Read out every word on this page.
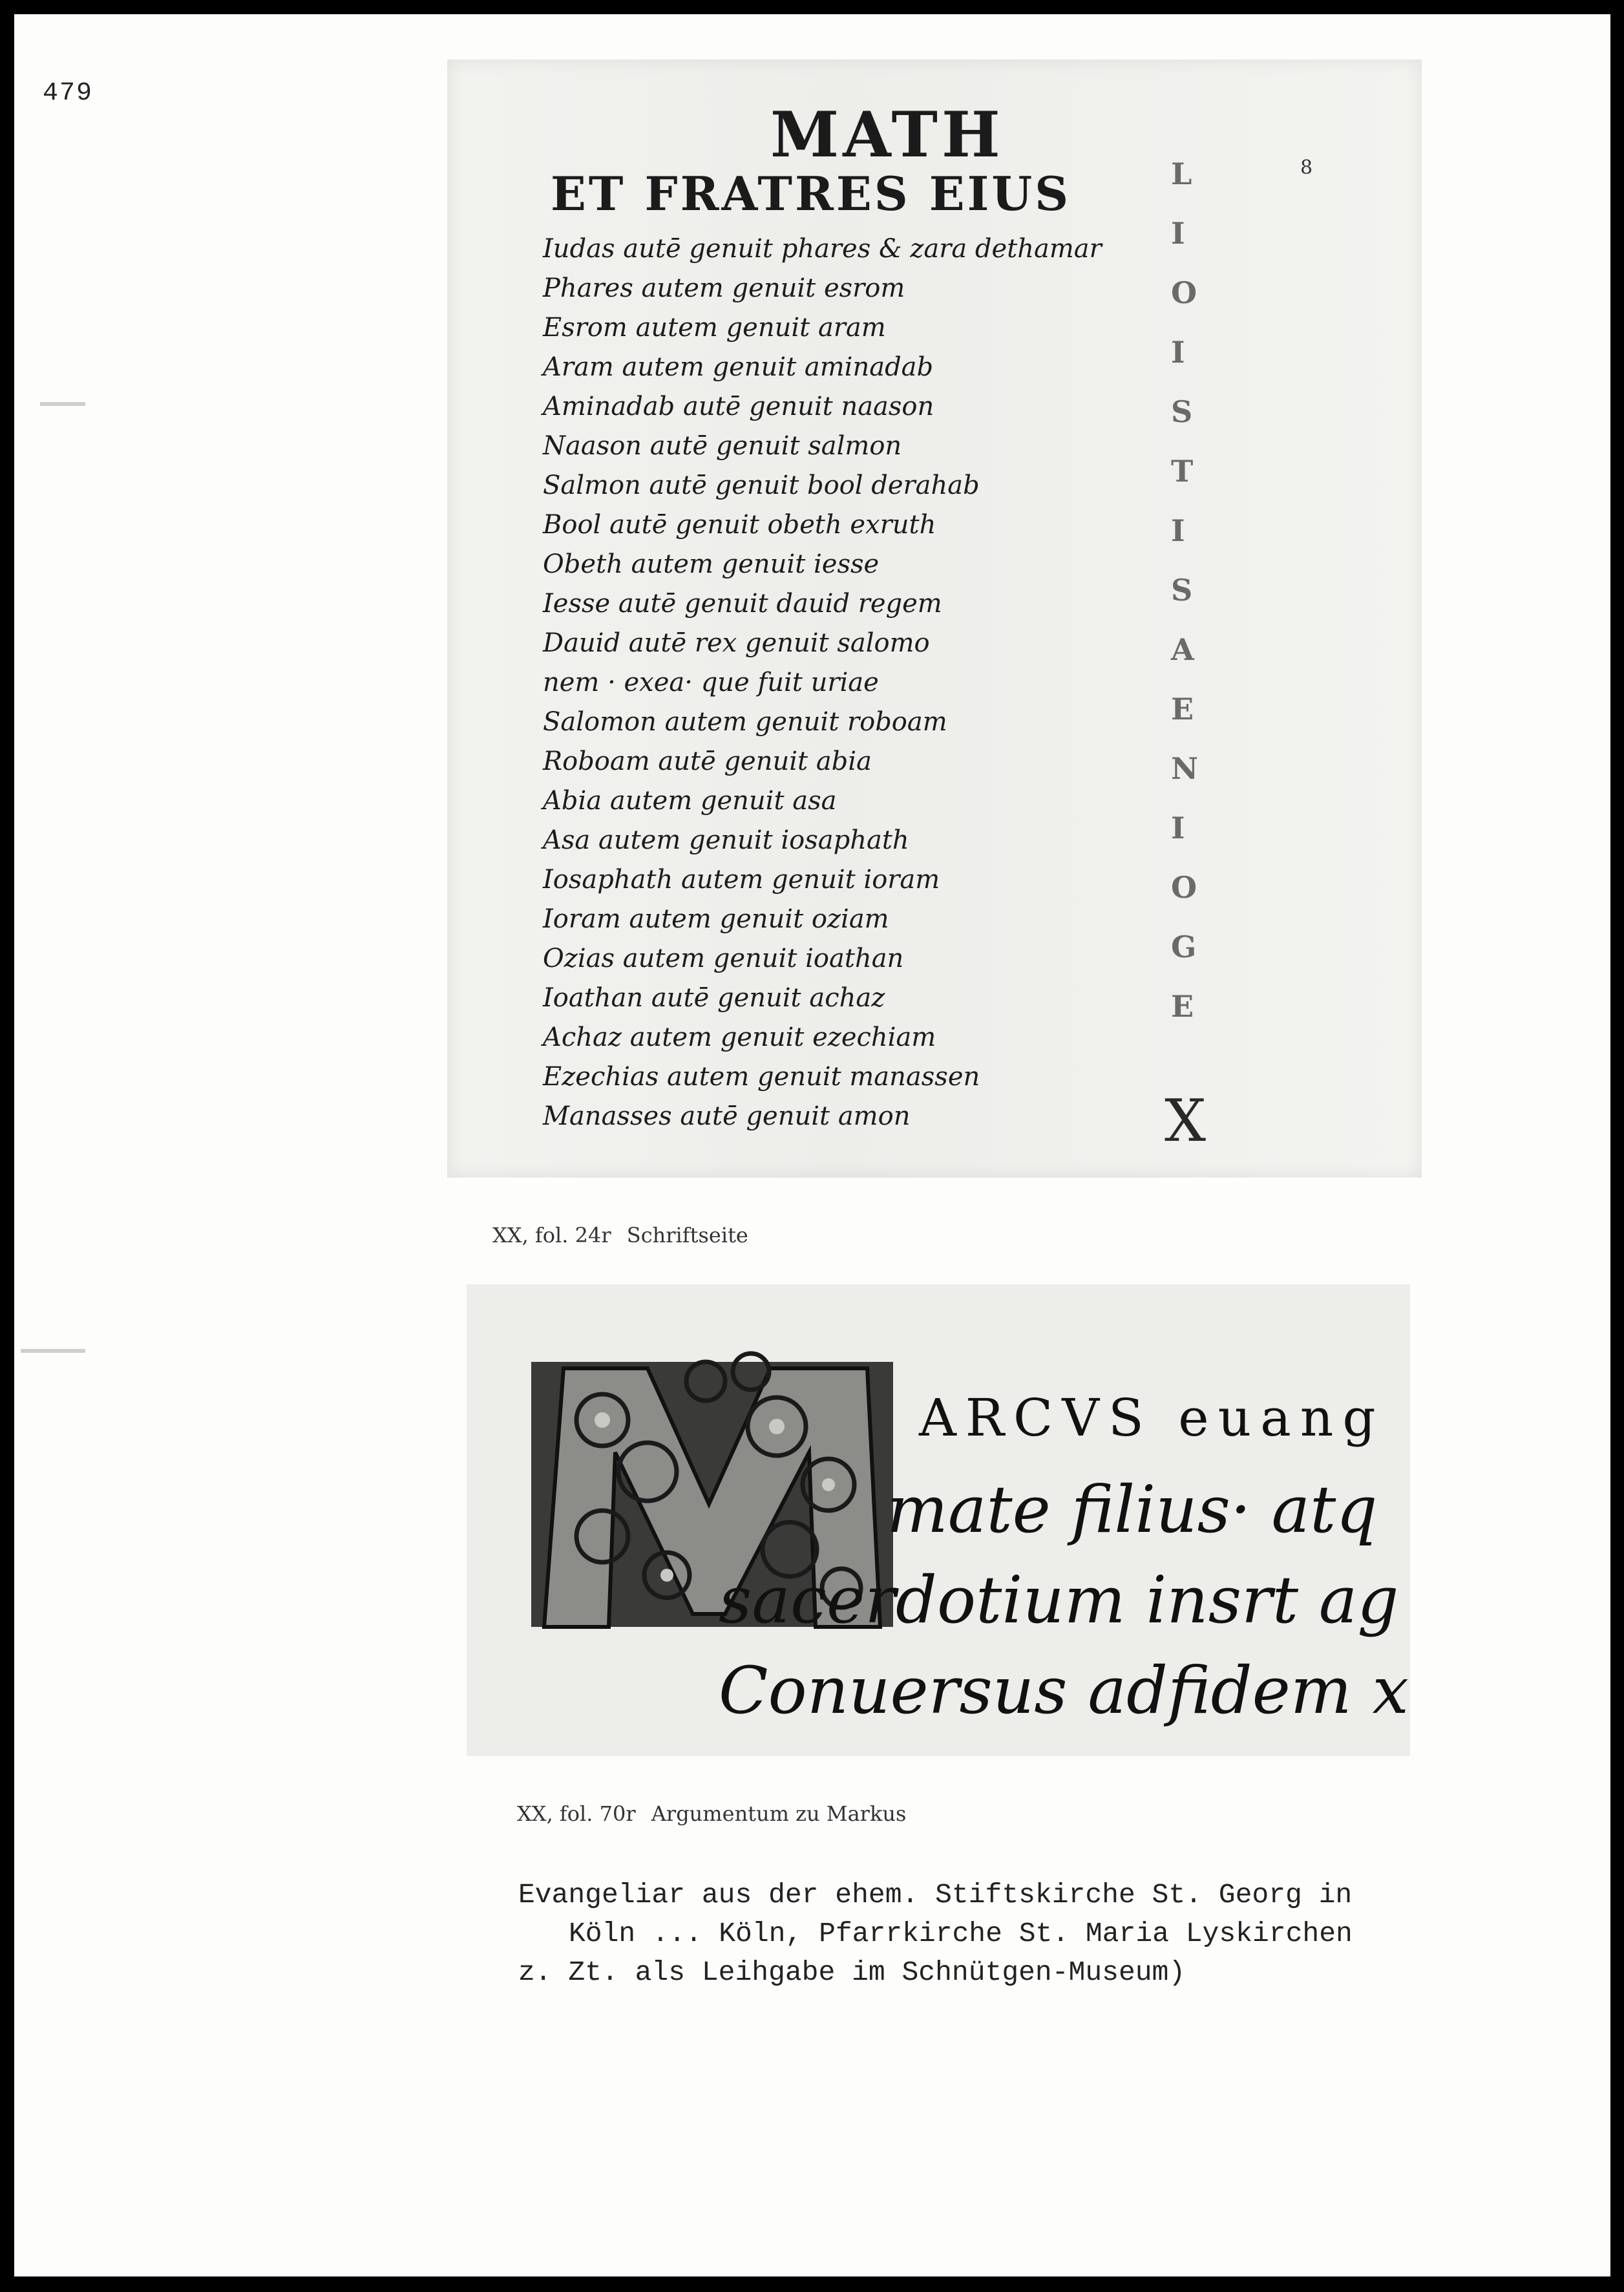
479
MATH
ET FRATRES EIUS	8
Iudas autē genuit phares & zara dethamar
Phares autem genuit esrom
Esrom autem genuit aram
Aram autem genuit aminadab
Aminadab autē genuit naason
Naason autē genuit salmon
Salmon autē genuit bool derahab
Bool autē genuit obeth exruth
Obeth autem genuit iesse
Iesse autē genuit dauid regem
Dauid autē rex genuit salomo
nem · exea· que fuit uriae
Salomon autem genuit roboam
Roboam autē genuit abia
Abia autem genuit asa
Asa autem genuit iosaphath
Iosaphath autem genuit ioram
Ioram autem genuit oziam
Ozias autem genuit ioathan
Ioathan autē genuit achaz
Achaz autem genuit ezechiam
Ezechias autem genuit manassen
Manasses autē genuit amon
L
I
O
I
S
T
I
S
A
E
N
I
O
G
E
X
XX, fol. 24r Schriftseite
ARCVS euang
mate filius· atq
sacerdotium insrt ag
Conuersus adfidem x
XX, fol. 70r Argumentum zu Markus
Evangeliar aus der ehem. Stiftskirche St. Georg in
Köln ... Köln, Pfarrkirche St. Maria Lyskirchen
z. Zt. als Leihgabe im Schnütgen-Museum)
